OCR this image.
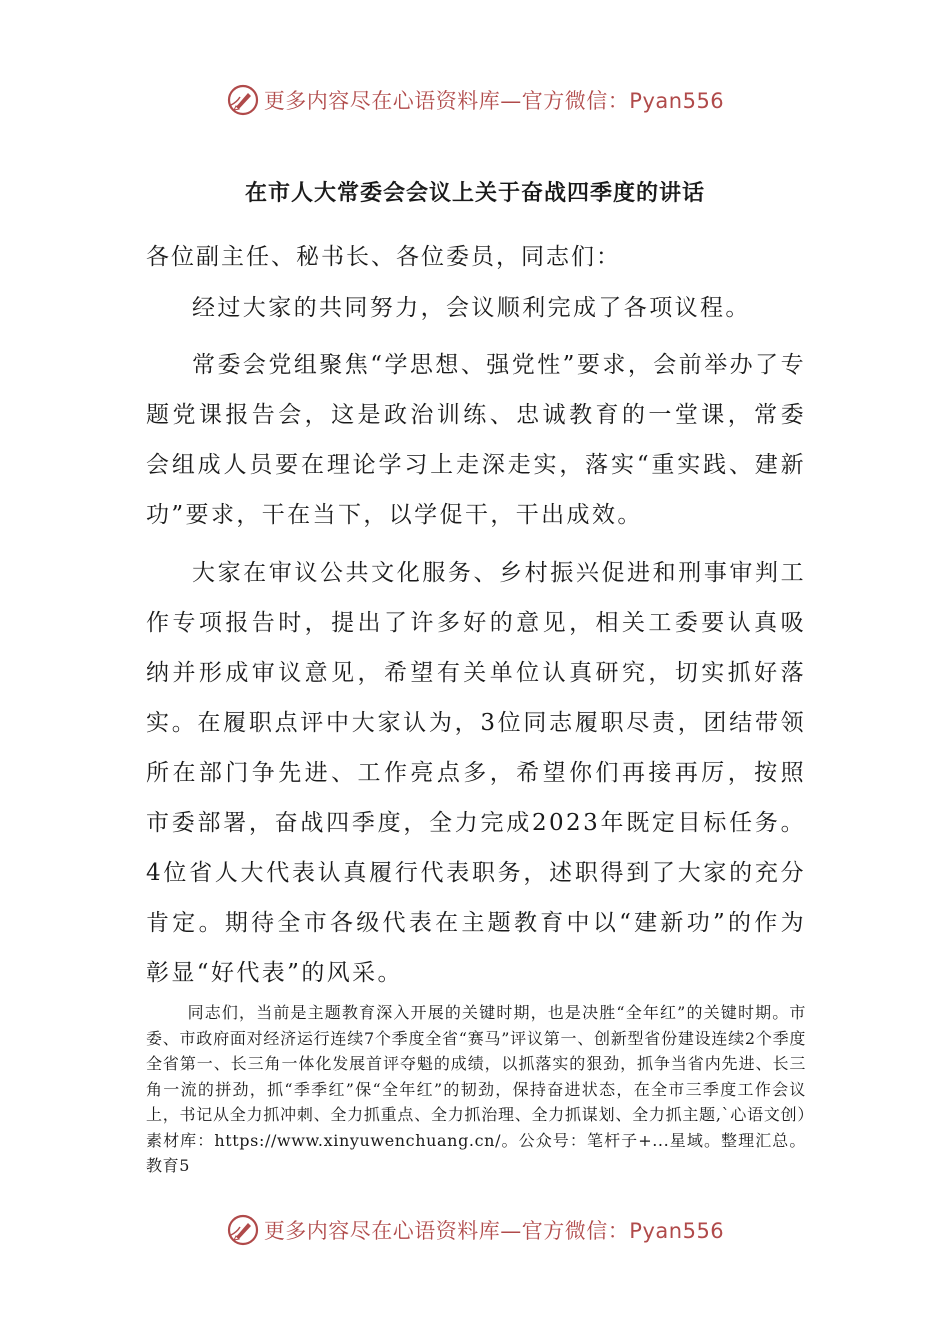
更多内容尽在心语资料库—官方微信：Pyan556
在市人大常委会会议上关于奋战四季度的讲话

各位副主任、秘书长、各位委员，同志们：

经过大家的共同努力，会议顺利完成了各项议程。

常委会党组聚焦“学思想、强党性”要求，会前举办了专题党课报告会，这是政治训练、忠诚教育的一堂课，常委会组成人员要在理论学习上走深走实，落实“重实践、建新功”要求，干在当下，以学促干，干出成效。

大家在审议公共文化服务、乡村振兴促进和刑事审判工作专项报告时，提出了许多好的意见，相关工委要认真吸纳并形成审议意见，希望有关单位认真研究，切实抓好落实。在履职点评中大家认为，3位同志履职尽责，团结带领所在部门争先进、工作亮点多，希望你们再接再厉，按照市委部署，奋战四季度，全力完成2023年既定目标任务。4位省人大代表认真履行代表职务，述职得到了大家的充分肯定。期待全市各级代表在主题教育中以“建新功”的作为彰显“好代表”的风采。

同志们，当前是主题教育深入开展的关键时期，也是决胜“全年红”的关键时期。市委、市政府面对经济运行连续7个季度全省“赛马”评议第一、创新型省份建设连续2个季度全省第一、长三角一体化发展首评夺魁的成绩，以抓落实的狠劲，抓争当省内先进、长三角一流的拼劲，抓“季季红”保“全年红”的韧劲，保持奋进状态，在全市三季度工作会议上，书记从全力抓冲刺、全力抓重点、全力抓治理、全力抓谋划、全力抓主题,`心语文创）素材库：https://www.xinyuwenchuang.cn/。公众号：笔杆子+...星域。整理汇总。教育5

更多内容尽在心语资料库—官方微信：Pyan556
